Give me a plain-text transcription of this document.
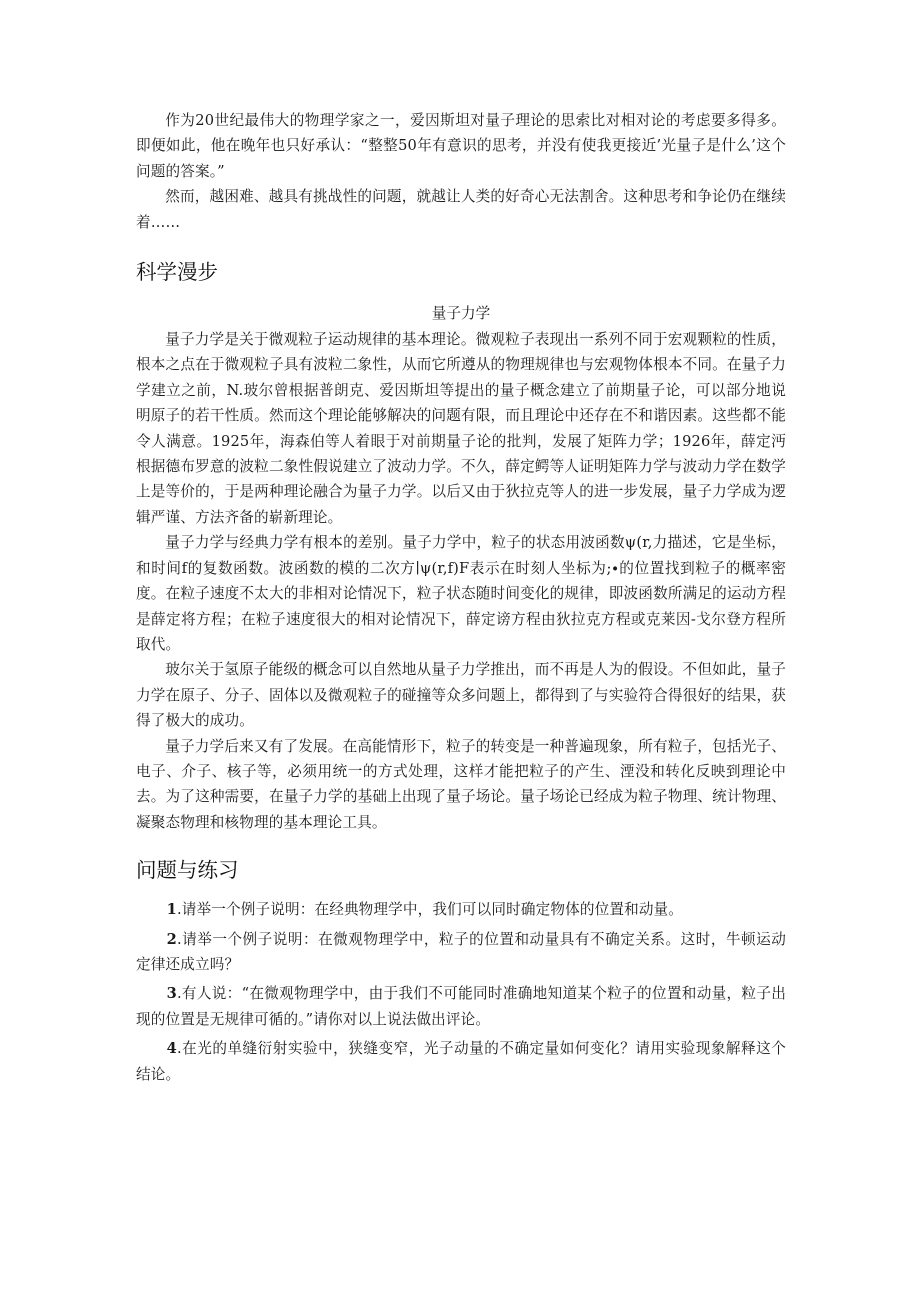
作为20世纪最伟大的物理学家之一，爱因斯坦对量子理论的思索比对相对论的考虑要多得多。即便如此，他在晚年也只好承认：“整整50年有意识的思考，并没有使我更接近’光量子是什么’这个问题的答案。”

然而，越困难、越具有挑战性的问题，就越让人类的好奇心无法割舍。这种思考和争论仍在继续着……

科学漫步
量子力学

量子力学是关于微观粒子运动规律的基本理论。微观粒子表现出一系列不同于宏观颗粒的性质，根本之点在于微观粒子具有波粒二象性，从而它所遵从的物理规律也与宏观物体根本不同。在量子力学建立之前，N.玻尔曾根据普朗克、爱因斯坦等提出的量子概念建立了前期量子论，可以部分地说明原子的若干性质。然而这个理论能够解决的问题有限，而且理论中还存在不和谐因素。这些都不能令人满意。1925年，海森伯等人着眼于对前期量子论的批判，发展了矩阵力学；1926年，薛定沔根据德布罗意的波粒二象性假说建立了波动力学。不久，薛定鳄等人证明矩阵力学与波动力学在数学上是等价的，于是两种理论融合为量子力学。以后又由于狄拉克等人的进一步发展，量子力学成为逻辑严谨、方法齐备的崭新理论。

量子力学与经典力学有根本的差别。量子力学中，粒子的状态用波函数ψ(r,力描述，它是坐标，和时间f的复数函数。波函数的模的二次方∣ψ(r,f)F表示在时刻人坐标为;∙的位置找到粒子的概率密度。在粒子速度不太大的非相对论情况下，粒子状态随时间变化的规律，即波函数所满足的运动方程是薛定将方程；在粒子速度很大的相对论情况下，薛定谤方程由狄拉克方程或克莱因-戈尔登方程所取代。

玻尔关于氢原子能级的概念可以自然地从量子力学推出，而不再是人为的假设。不但如此，量子力学在原子、分子、固体以及微观粒子的碰撞等众多问题上，都得到了与实验符合得很好的结果，获得了极大的成功。

量子力学后来又有了发展。在高能情形下，粒子的转变是一种普遍现象，所有粒子，包括光子、电子、介子、核子等，必须用统一的方式处理，这样才能把粒子的产生、湮没和转化反映到理论中去。为了这种需要，在量子力学的基础上出现了量子场论。量子场论已经成为粒子物理、统计物理、凝聚态物理和核物理的基本理论工具。

问题与练习

1.请举一个例子说明：在经典物理学中，我们可以同时确定物体的位置和动量。

2.请举一个例子说明：在微观物理学中，粒子的位置和动量具有不确定关系。这时，牛顿运动定律还成立吗？

3.有人说：“在微观物理学中，由于我们不可能同时准确地知道某个粒子的位置和动量，粒子出现的位置是无规律可循的。”请你对以上说法做出评论。

4.在光的单缝衍射实验中，狭缝变窄，光子动量的不确定量如何变化？请用实验现象解释这个结论。
